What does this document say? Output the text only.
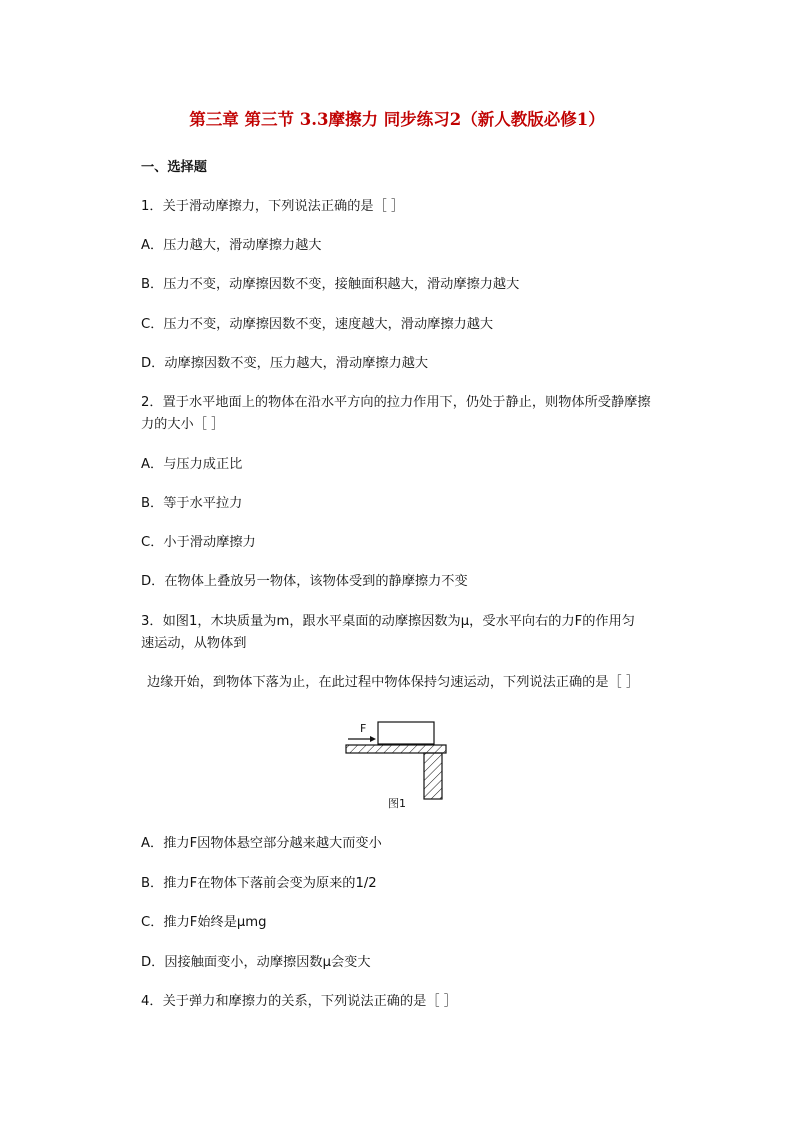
第三章 第三节 3.3摩擦力 同步练习2（新人教版必修1）
一、选择题
1．关于滑动摩擦力，下列说法正确的是［ ］
A．压力越大，滑动摩擦力越大
B．压力不变，动摩擦因数不变，接触面积越大，滑动摩擦力越大
C．压力不变，动摩擦因数不变，速度越大，滑动摩擦力越大
D．动摩擦因数不变，压力越大，滑动摩擦力越大
2．置于水平地面上的物体在沿水平方向的拉力作用下，仍处于静止，则物体所受静摩擦
力的大小［ ］
A．与压力成正比
B．等于水平拉力
C．小于滑动摩擦力
D．在物体上叠放另一物体，该物体受到的静摩擦力不变
3．如图1，木块质量为m，跟水平桌面的动摩擦因数为μ，受水平向右的力F的作用匀
速运动，从物体到
边缘开始，到物体下落为止，在此过程中物体保持匀速运动，下列说法正确的是［ ］
F
图1
A．推力F因物体悬空部分越来越大而变小
B．推力F在物体下落前会变为原来的1/2
C．推力F始终是μmg
D．因接触面变小，动摩擦因数μ会变大
4．关于弹力和摩擦力的关系，下列说法正确的是［ ］
